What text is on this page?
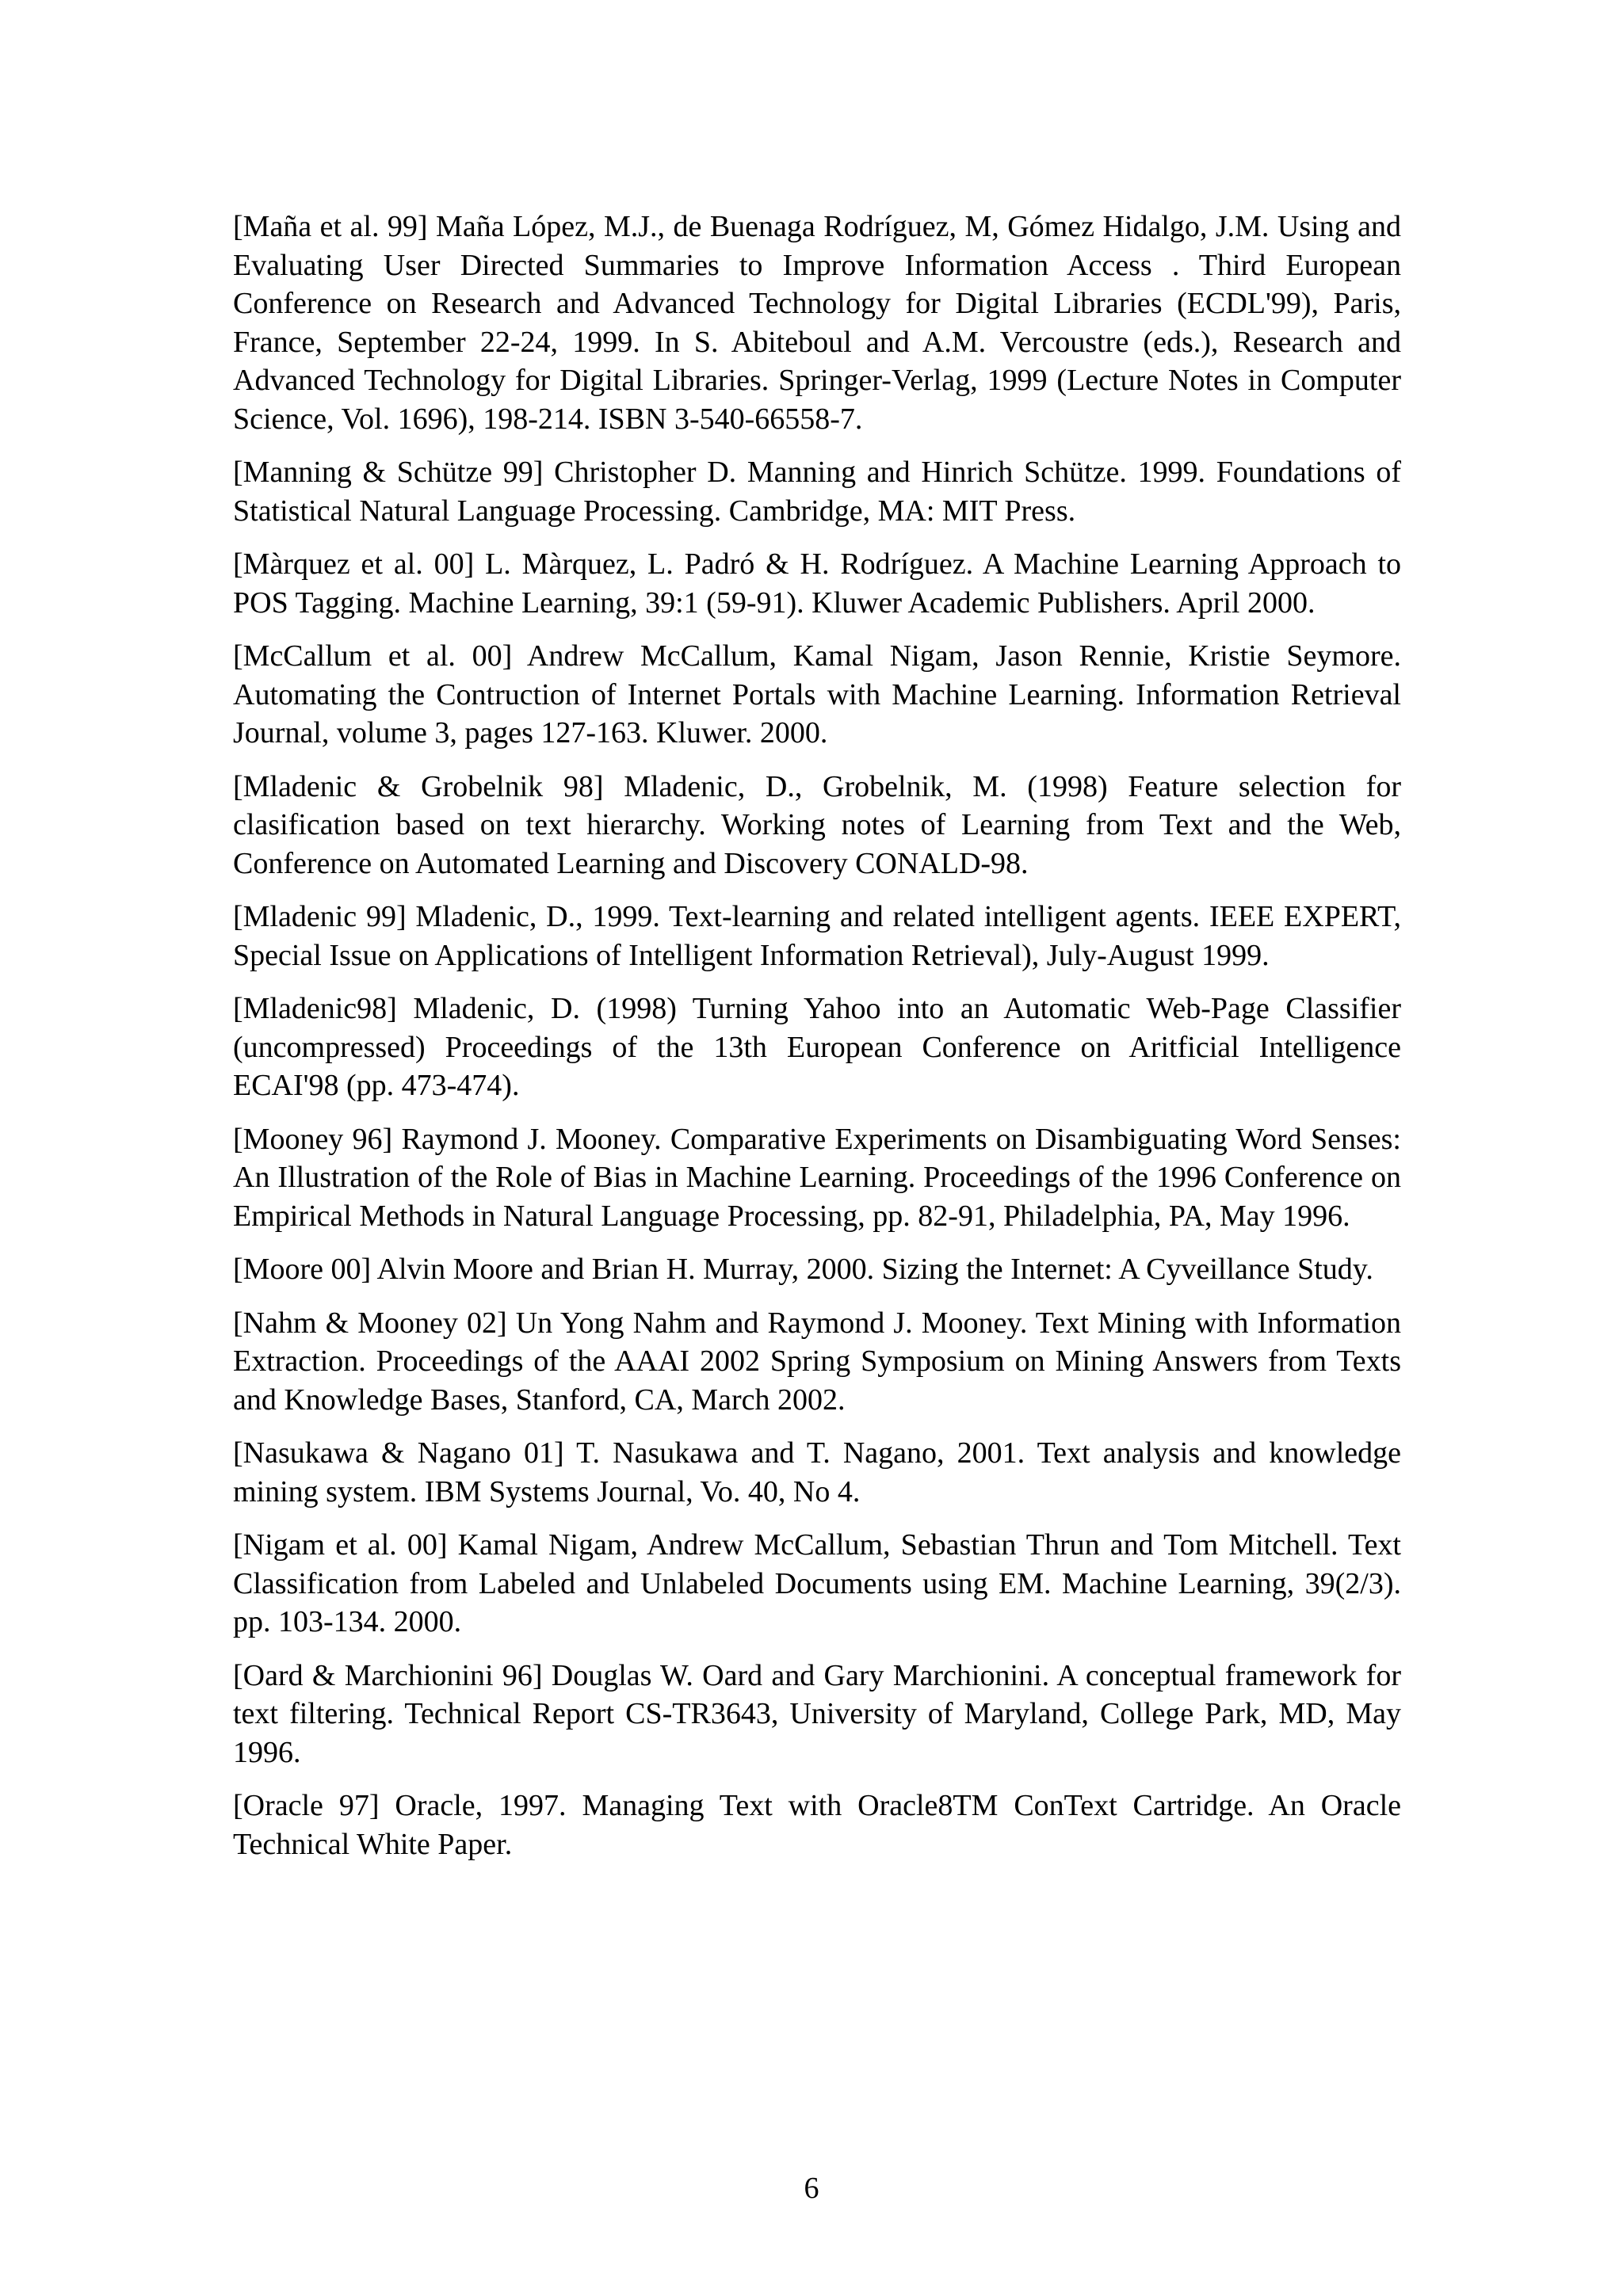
[Maña et al. 99] Maña López, M.J., de Buenaga Rodríguez, M, Gómez Hidalgo, J.M. Using and Evaluating User Directed Summaries to Improve Information Access . Third European Conference on Research and Advanced Technology for Digital Libraries (ECDL'99), Paris, France, September 22-24, 1999. In S. Abiteboul and A.M. Vercoustre (eds.), Research and Advanced Technology for Digital Libraries. Springer-Verlag, 1999 (Lecture Notes in Computer Science, Vol. 1696), 198-214. ISBN 3-540-66558-7.

[Manning & Schütze 99] Christopher D. Manning and Hinrich Schütze. 1999. Foundations of Statistical Natural Language Processing. Cambridge, MA: MIT Press.

[Màrquez et al. 00] L. Màrquez, L. Padró & H. Rodríguez. A Machine Learning Approach to POS Tagging. Machine Learning, 39:1 (59-91). Kluwer Academic Publishers. April 2000.

[McCallum et al. 00] Andrew McCallum, Kamal Nigam, Jason Rennie, Kristie Seymore. Automating the Contruction of Internet Portals with Machine Learning. Information Retrieval Journal, volume 3, pages 127-163. Kluwer. 2000.

[Mladenic & Grobelnik 98] Mladenic, D., Grobelnik, M. (1998) Feature selection for clasification based on text hierarchy. Working notes of Learning from Text and the Web, Conference on Automated Learning and Discovery CONALD-98.

[Mladenic 99] Mladenic, D., 1999. Text-learning and related intelligent agents. IEEE EXPERT, Special Issue on Applications of Intelligent Information Retrieval), July-August 1999.

[Mladenic98] Mladenic, D. (1998) Turning Yahoo into an Automatic Web-Page Classifier (uncompressed) Proceedings of the 13th European Conference on Aritficial Intelligence ECAI'98 (pp. 473-474).

[Mooney 96] Raymond J. Mooney. Comparative Experiments on Disambiguating Word Senses: An Illustration of the Role of Bias in Machine Learning. Proceedings of the 1996 Conference on Empirical Methods in Natural Language Processing, pp. 82-91, Philadelphia, PA, May 1996.

[Moore 00] Alvin Moore and Brian H. Murray, 2000. Sizing the Internet: A Cyveillance Study.

[Nahm & Mooney 02] Un Yong Nahm and Raymond J. Mooney. Text Mining with Information Extraction. Proceedings of the AAAI 2002 Spring Symposium on Mining Answers from Texts and Knowledge Bases, Stanford, CA, March 2002.

[Nasukawa & Nagano 01] T. Nasukawa and T. Nagano, 2001. Text analysis and knowledge mining system. IBM Systems Journal, Vo. 40, No 4.

[Nigam et al. 00] Kamal Nigam, Andrew McCallum, Sebastian Thrun and Tom Mitchell. Text Classification from Labeled and Unlabeled Documents using EM. Machine Learning, 39(2/3). pp. 103-134. 2000.

[Oard & Marchionini 96] Douglas W. Oard and Gary Marchionini. A conceptual framework for text filtering. Technical Report CS-TR3643, University of Maryland, College Park, MD, May 1996.

[Oracle 97] Oracle, 1997. Managing Text with Oracle8TM ConText Cartridge. An Oracle Technical White Paper.

6
